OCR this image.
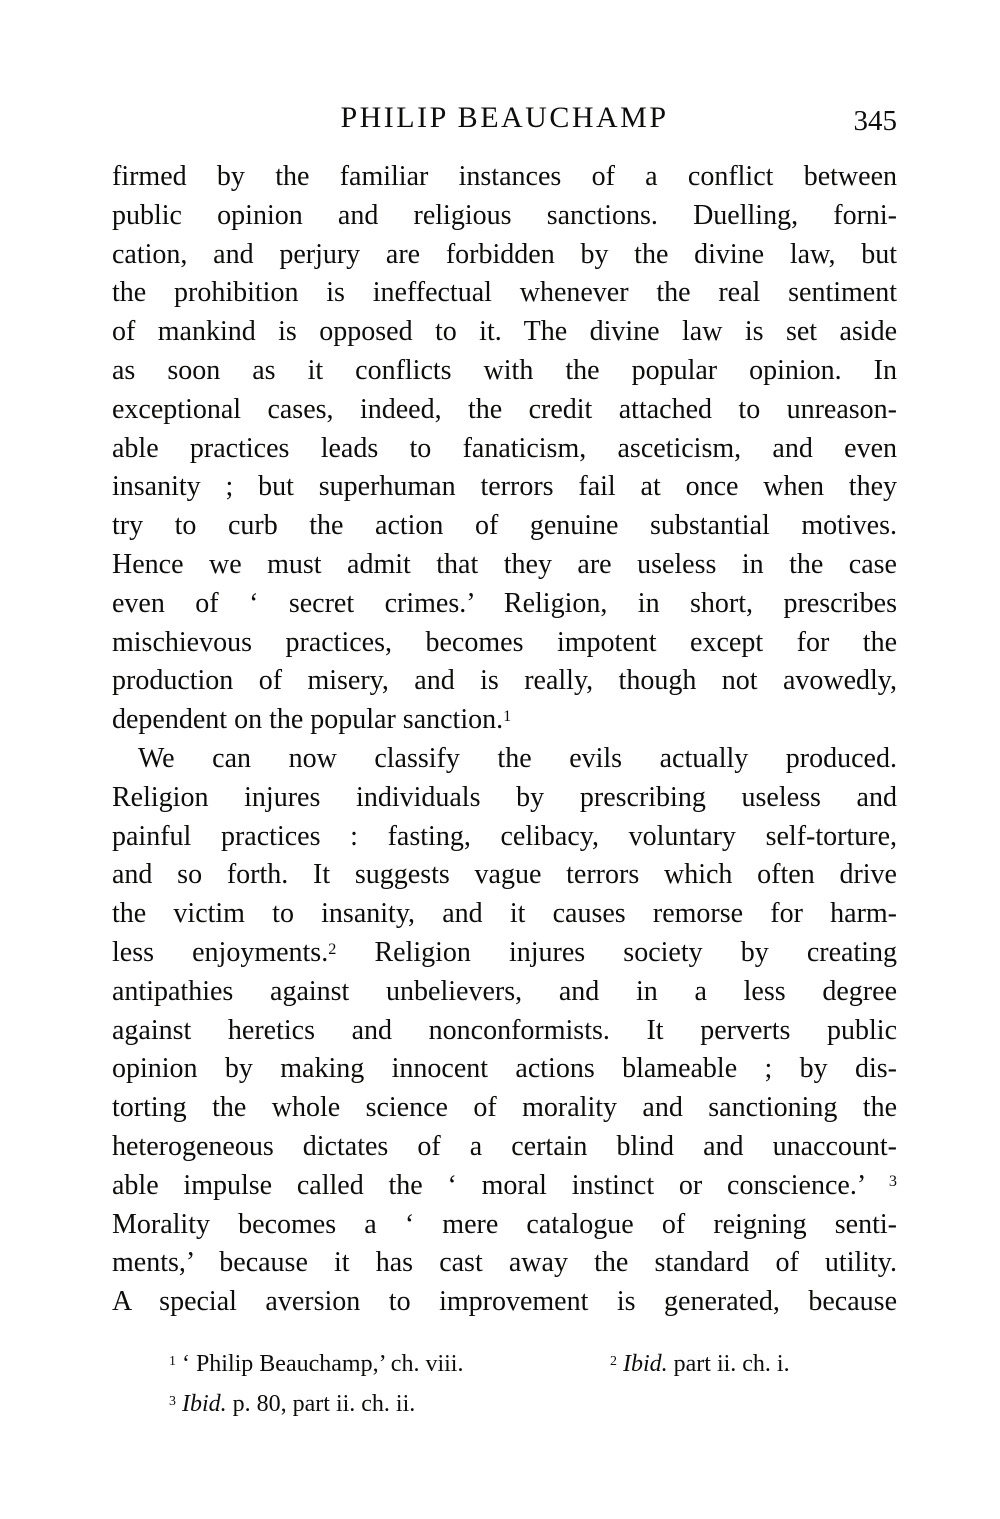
PHILIP BEAUCHAMP	345
firmed by the familiar instances of a conflict between
public opinion and religious sanctions. Duelling, forni-
cation, and perjury are forbidden by the divine law, but
the prohibition is ineffectual whenever the real sentiment
of mankind is opposed to it. The divine law is set aside
as soon as it conflicts with the popular opinion. In
exceptional cases, indeed, the credit attached to unreason-
able practices leads to fanaticism, asceticism, and even
insanity ; but superhuman terrors fail at once when they
try to curb the action of genuine substantial motives.
Hence we must admit that they are useless in the case
even of ‘ secret crimes.’ Religion, in short, prescribes
mischievous practices, becomes impotent except for the
production of misery, and is really, though not avowedly,
dependent on the popular sanction.$^1$
We can now classify the evils actually produced.
Religion injures individuals by prescribing useless and
painful practices : fasting, celibacy, voluntary self-torture,
and so forth. It suggests vague terrors which often drive
the victim to insanity, and it causes remorse for harm-
less enjoyments.$^2$ Religion injures society by creating
antipathies against unbelievers, and in a less degree
against heretics and nonconformists. It perverts public
opinion by making innocent actions blameable ; by dis-
torting the whole science of morality and sanctioning the
heterogeneous dictates of a certain blind and unaccount-
able impulse called the ‘ moral instinct or conscience.’ $^3$
Morality becomes a ‘ mere catalogue of reigning senti-
ments,’ because it has cast away the standard of utility.
A special aversion to improvement is generated, because
$^1$ ‘ Philip Beauchamp,’ ch. viii.	$^2$ Ibid. part ii. ch. i.
$^3$ Ibid. p. 80, part ii. ch. ii.
